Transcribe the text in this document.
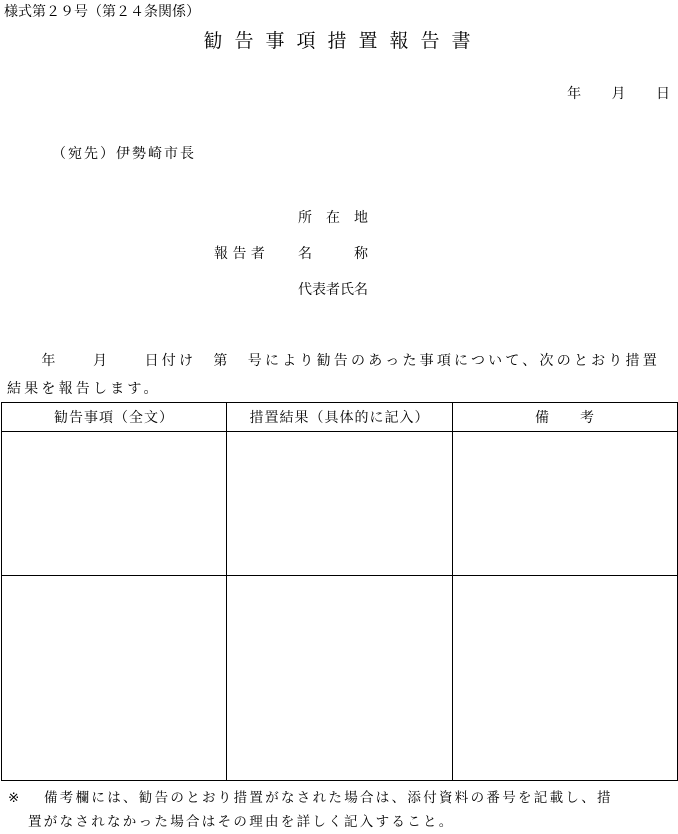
様式第２９号（第２４条関係）
勧告事項措置報告書
年 月 日
（宛先）伊勢崎市長
所　在　地
報 告 者 名　　　称
代表者氏名
　　年　　月　　日付け　第　号により勧告のあった事項について、次のとおり措置結果を報告します。
勧告事項（全文）	措置結果（具体的に記入）	備　　考

※ 備考欄には、勧告のとおり措置がなされた場合は、添付資料の番号を記載し、措
置がなされなかった場合はその理由を詳しく記入すること。
